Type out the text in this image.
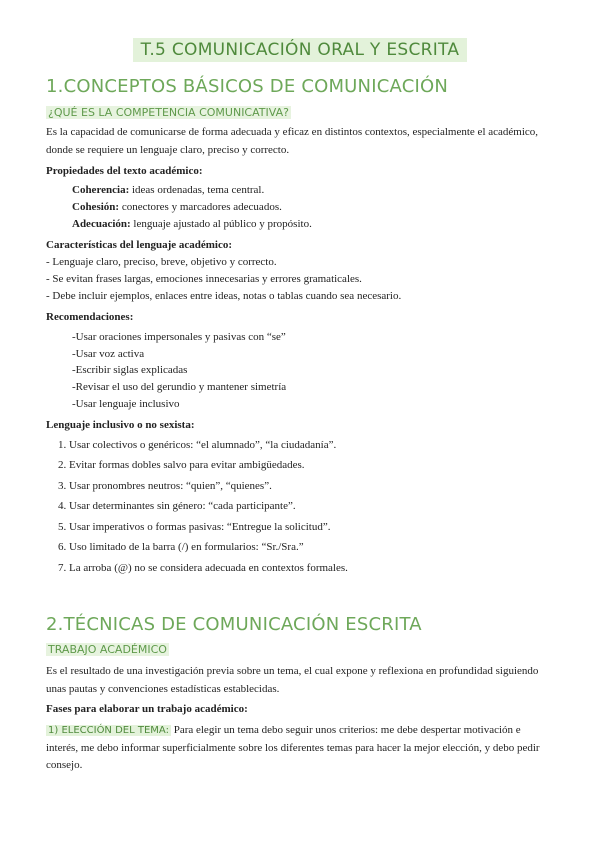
T.5 COMUNICACIÓN ORAL Y ESCRITA
1.CONCEPTOS BÁSICOS DE COMUNICACIÓN
¿QUÉ ES LA COMPETENCIA COMUNICATIVA?
Es la capacidad de comunicarse de forma adecuada y eficaz en distintos contextos, especialmente el académico, donde se requiere un lenguaje claro, preciso y correcto.
Propiedades del texto académico:
Coherencia: ideas ordenadas, tema central.
Cohesión: conectores y marcadores adecuados.
Adecuación: lenguaje ajustado al público y propósito.
Características del lenguaje académico:
- Lenguaje claro, preciso, breve, objetivo y correcto.
- Se evitan frases largas, emociones innecesarias y errores gramaticales.
- Debe incluir ejemplos, enlaces entre ideas, notas o tablas cuando sea necesario.
Recomendaciones:
-Usar oraciones impersonales y pasivas con “se”
-Usar voz activa
-Escribir siglas explicadas
-Revisar el uso del gerundio y mantener simetría
-Usar lenguaje inclusivo
Lenguaje inclusivo o no sexista:
1. Usar colectivos o genéricos: “el alumnado”, “la ciudadanía”.
2. Evitar formas dobles salvo para evitar ambigüedades.
3. Usar pronombres neutros: “quien”, “quienes”.
4. Usar determinantes sin género: “cada participante”.
5. Usar imperativos o formas pasivas: “Entregue la solicitud”.
6. Uso limitado de la barra (/) en formularios: “Sr./Sra.”
7. La arroba (@) no se considera adecuada en contextos formales.
2.TÉCNICAS DE COMUNICACIÓN ESCRITA
TRABAJO ACADÉMICO
Es el resultado de una investigación previa sobre un tema, el cual expone y reflexiona en profundidad siguiendo unas pautas y convenciones estadísticas establecidas.
Fases para elaborar un trabajo académico:
1) ELECCIÓN DEL TEMA: Para elegir un tema debo seguir unos criterios: me debe despertar motivación e interés, me debo informar superficialmente sobre los diferentes temas para hacer la mejor elección, y debo pedir consejo.
